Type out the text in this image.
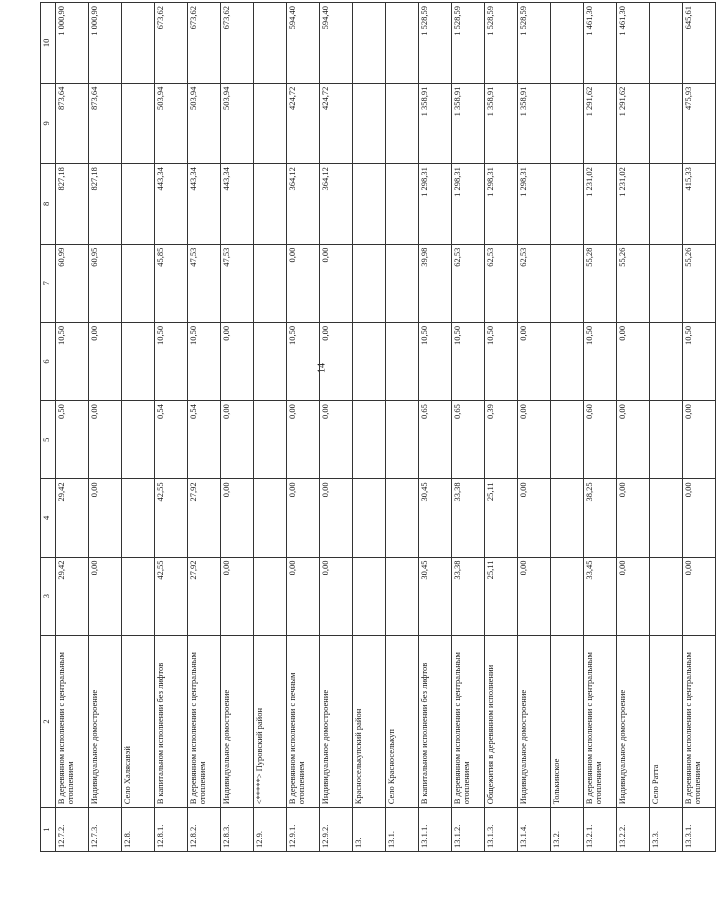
14
1	2	3	4	5	6	7	8	9	10
12.7.2.	В деревянном исполнении с центральным отоплением	29,42	29,42	0,50	10,50	60,99	827,18	873,64	1 000,90
12.7.3.	Индивидуальное домостроение	0,00	0,00	0,00	0,00	60,95	827,18	873,64	1 000,90
12.8.	Село Халясавэй								
12.8.1.	В капитальном исполнении без лифтов	42,55	42,55	0,54	10,50	45,85	443,34	503,94	673,62
12.8.2.	В деревянном исполнении с центральным отоплением	27,92	27,92	0,54	10,50	47,53	443,34	503,94	673,62
12.8.3.	Индивидуальное домостроение	0,00	0,00	0,00	0,00	47,53	443,34	503,94	673,62
12.9.	<*****> Пуровский район								
12.9.1.	В деревянном исполнении с печным отоплением	0,00	0,00	0,00	10,50	0,00	364,12	424,72	594,40
12.9.2.	Индивидуальное домостроение	0,00	0,00	0,00	0,00	0,00	364,12	424,72	594,40
13.	Красноселькупский район								
13.1.	Село Красноселькуп								
13.1.1.	В капитальном исполнении без лифтов	30,45	30,45	0,65	10,50	39,98	1 298,31	1 358,91	1 528,59
13.1.2.	В деревянном исполнении с центральным отоплением	33,38	33,38	0,65	10,50	62,53	1 298,31	1 358,91	1 528,59
13.1.3.	Общежития в деревянном исполнении	25,11	25,11	0,39	10,50	62,53	1 298,31	1 358,91	1 528,59
13.1.4.	Индивидуальное домостроение	0,00	0,00	0,00	0,00	62,53	1 298,31	1 358,91	1 528,59
13.2.	Толькинское								
13.2.1.	В деревянном исполнении с центральным отоплением	33,45	38,25	0,60	10,50	55,28	1 231,02	1 291,62	1 461,30
13.2.2.	Индивидуальное домостроение	0,00	0,00	0,00	0,00	55,26	1 231,02	1 291,62	1 461,30
13.3.	Село Ратта								
13.3.1.	В деревянном исполнении с центральным отоплением	0,00	0,00	0,00	10,50	55,26	415,33	475,93	645,61
